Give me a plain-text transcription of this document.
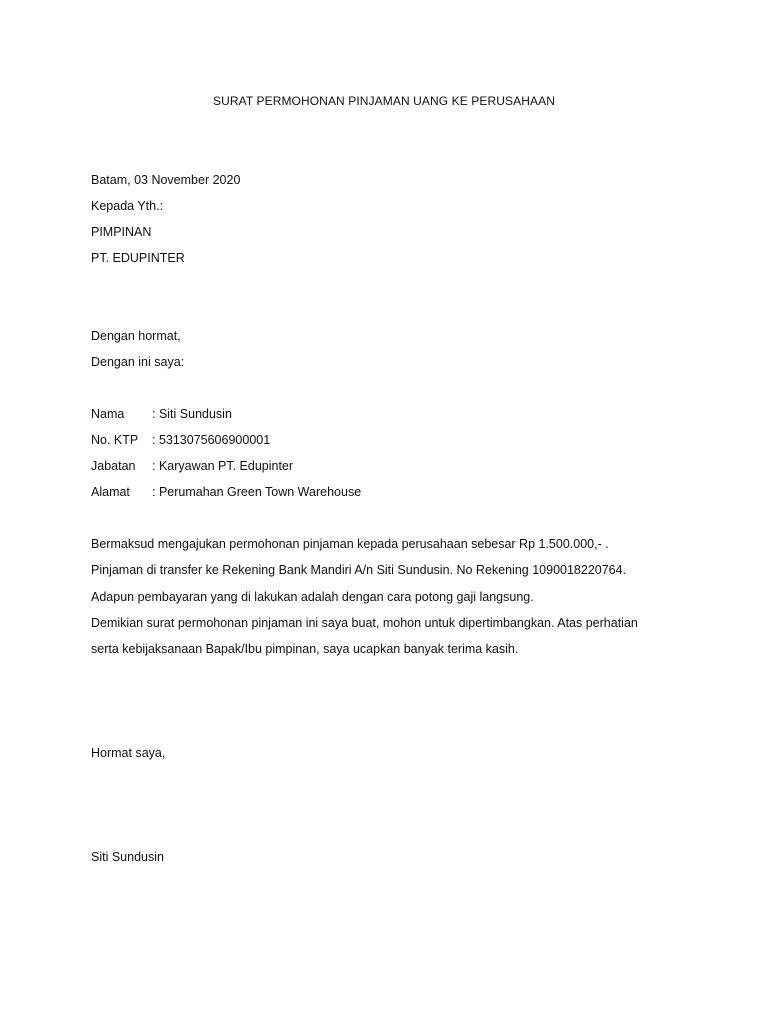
SURAT PERMOHONAN PINJAMAN UANG KE PERUSAHAAN
Batam, 03 November 2020
Kepada Yth.:
PIMPINAN
PT. EDUPINTER
Dengan hormat,
Dengan ini saya:
Nama : Siti Sundusin
No. KTP : 5313075606900001
Jabatan : Karyawan PT. Edupinter
Alamat : Perumahan Green Town Warehouse
Bermaksud mengajukan permohonan pinjaman kepada perusahaan sebesar Rp 1.500.000,- .
Pinjaman di transfer ke Rekening Bank Mandiri A/n Siti Sundusin. No Rekening 1090018220764.
Adapun pembayaran yang di lakukan adalah dengan cara potong gaji langsung.
Demikian surat permohonan pinjaman ini saya buat, mohon untuk dipertimbangkan. Atas perhatian
serta kebijaksanaan Bapak/Ibu pimpinan, saya ucapkan banyak terima kasih.
Hormat saya,
Siti Sundusin
